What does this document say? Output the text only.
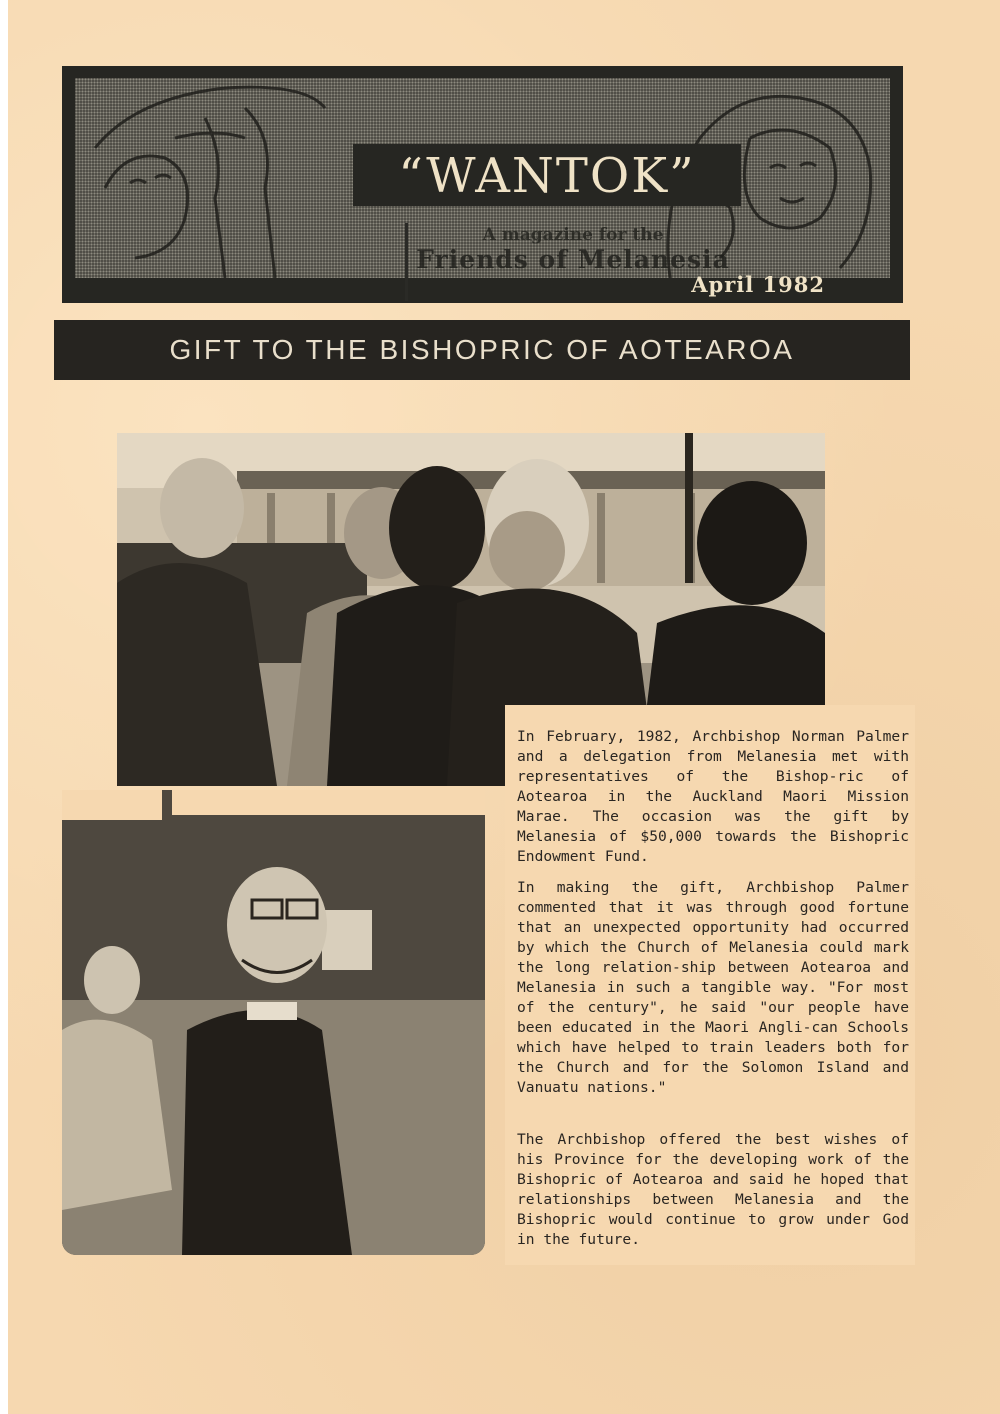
A magazine for the
Friends of Melanesia
“WANTOK”
April 1982
GIFT TO THE BISHOPRIC OF AOTEAROA

In February, 1982, Archbishop Norman Palmer and a delegation from Melanesia met with representatives of the Bishop-ric of Aotearoa in the Auckland Maori Mission Marae. The occasion was the gift by Melanesia of $50,000 towards the Bishopric Endowment Fund.

In making the gift, Archbishop Palmer commented that it was through good fortune that an unexpected opportunity had occurred by which the Church of Melanesia could mark the long relation-ship between Aotearoa and Melanesia in such a tangible way. "For most of the century", he said "our people have been educated in the Maori Angli-can Schools which have helped to train leaders both for the Church and for the Solomon Island and Vanuatu nations."

The Archbishop offered the best wishes of his Province for the developing work of the Bishopric of Aotearoa and said he hoped that relationships between Melanesia and the Bishopric would continue to grow under God in the future.
